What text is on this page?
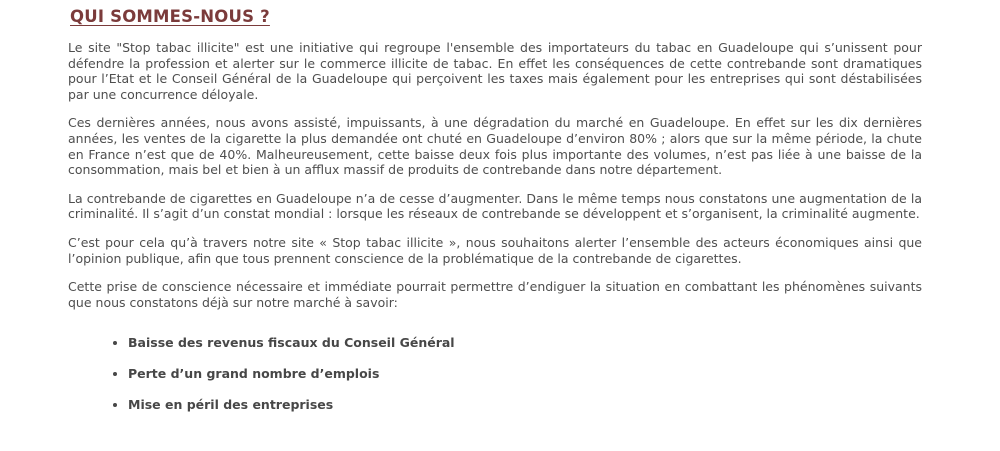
QUI SOMMES-NOUS ?

Le site "Stop tabac illicite" est une initiative qui regroupe l'ensemble des importateurs du tabac en Guadeloupe qui s’unissent pour défendre la profession et alerter sur le commerce illicite de tabac. En effet les conséquences de cette contrebande sont dramatiques pour l’Etat et le Conseil Général de la Guadeloupe qui perçoivent les taxes mais également pour les entreprises qui sont déstabilisées par une concurrence déloyale.

Ces dernières années, nous avons assisté, impuissants, à une dégradation du marché en Guadeloupe. En effet sur les dix dernières années, les ventes de la cigarette la plus demandée ont chuté en Guadeloupe d’environ 80% ; alors que sur la même période, la chute en France n’est que de 40%. Malheureusement, cette baisse deux fois plus importante des volumes, n’est pas liée à une baisse de la consommation, mais bel et bien à un afflux massif de produits de contrebande dans notre département.

La contrebande de cigarettes en Guadeloupe n’a de cesse d’augmenter. Dans le même temps nous constatons une augmentation de la criminalité. Il s’agit d’un constat mondial : lorsque les réseaux de contrebande se développent et s’organisent, la criminalité augmente.

C’est pour cela qu’à travers notre site « Stop tabac illicite », nous souhaitons alerter l’ensemble des acteurs économiques ainsi que l’opinion publique, afin que tous prennent conscience de la problématique de la contrebande de cigarettes.

Cette prise de conscience nécessaire et immédiate pourrait permettre d’endiguer la situation en combattant les phénomènes suivants que nous constatons déjà sur notre marché à savoir:

• Baisse des revenus fiscaux du Conseil Général
• Perte d’un grand nombre d’emplois
• Mise en péril des entreprises
